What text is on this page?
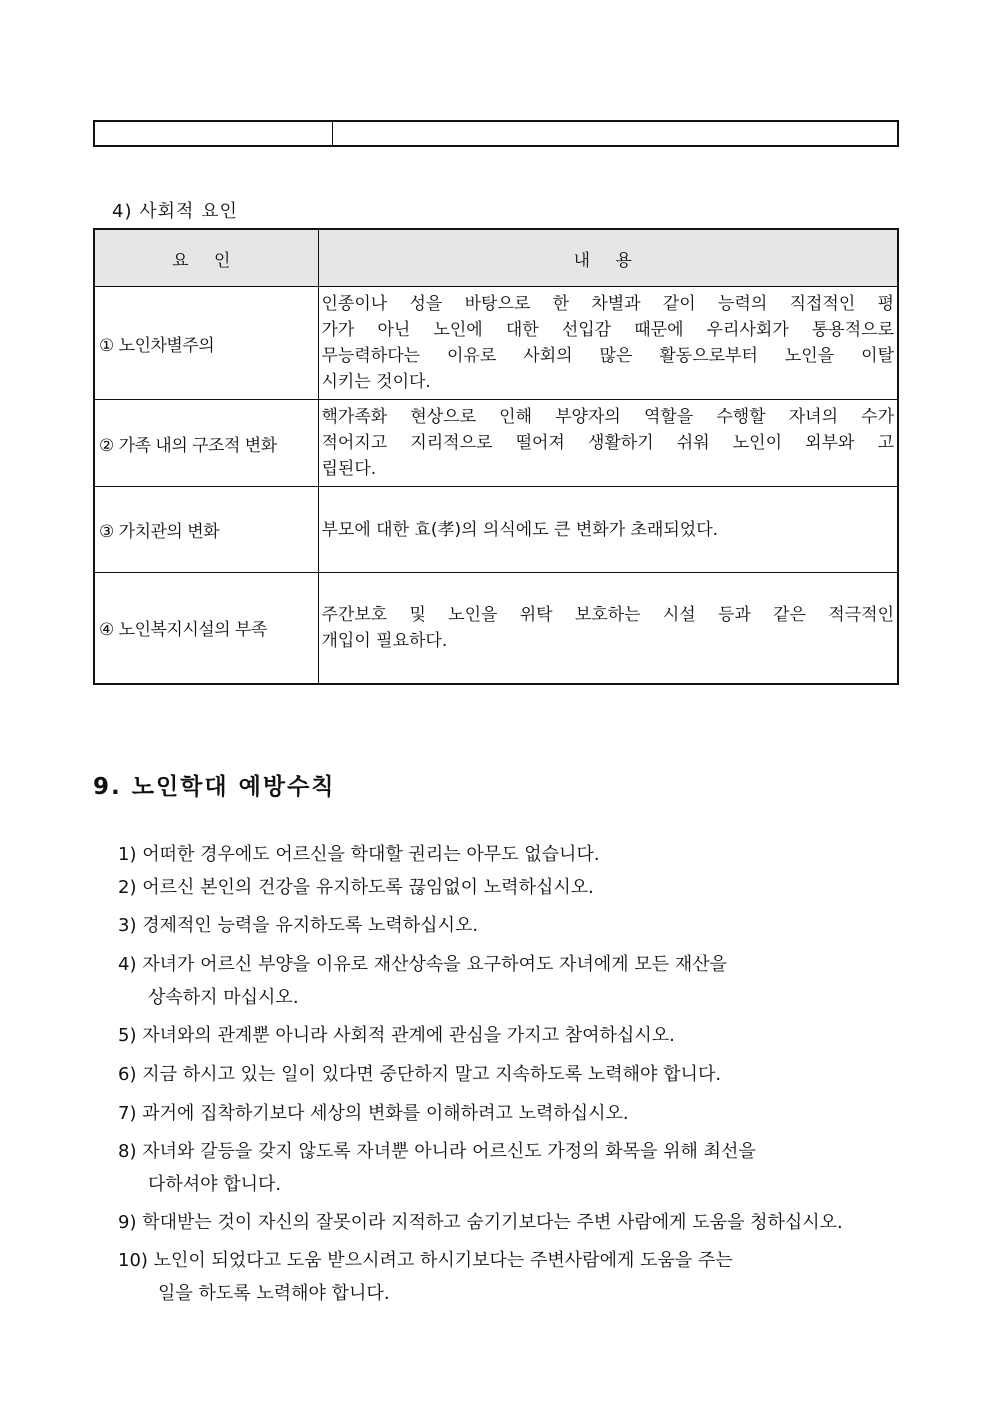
4) 사회적 요인
요 인	내 용
① 노인차별주의	인종이나 성을 바탕으로 한 차별과 같이 능력의 직접적인 평
가가 아닌 노인에 대한 선입감 때문에 우리사회가 통용적으로
무능력하다는 이유로 사회의 많은 활동으로부터 노인을 이탈
시키는 것이다.

② 가족 내의 구조적 변화	핵가족화 현상으로 인해 부양자의 역할을 수행할 자녀의 수가
적어지고 지리적으로 떨어져 생활하기 쉬워 노인이 외부와 고
립된다.

③ 가치관의 변화	부모에 대한 효(孝)의 의식에도 큰 변화가 초래되었다.

④ 노인복지시설의 부족	주간보호 및 노인을 위탁 보호하는 시설 등과 같은 적극적인
개입이 필요하다.
9. 노인학대 예방수칙
1) 어떠한 경우에도 어르신을 학대할 권리는 아무도 없습니다.
2) 어르신 본인의 건강을 유지하도록 끊임없이 노력하십시오.
3) 경제적인 능력을 유지하도록 노력하십시오.
4) 자녀가 어르신 부양을 이유로 재산상속을 요구하여도 자녀에게 모든 재산을
상속하지 마십시오.
5) 자녀와의 관계뿐 아니라 사회적 관계에 관심을 가지고 참여하십시오.
6) 지금 하시고 있는 일이 있다면 중단하지 말고 지속하도록 노력해야 합니다.
7) 과거에 집착하기보다 세상의 변화를 이해하려고 노력하십시오.
8) 자녀와 갈등을 갖지 않도록 자녀뿐 아니라 어르신도 가정의 화목을 위해 최선을
다하셔야 합니다.
9) 학대받는 것이 자신의 잘못이라 지적하고 숨기기보다는 주변 사람에게 도움을 청하십시오.
10) 노인이 되었다고 도움 받으시려고 하시기보다는 주변사람에게 도움을 주는
일을 하도록 노력해야 합니다.
